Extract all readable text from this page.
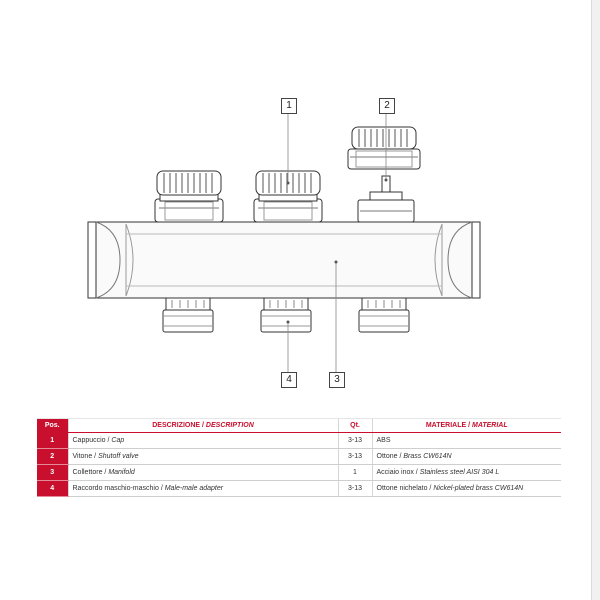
1	2
3
4
Pos.	DESCRIZIONE / DESCRIPTION	Qt.	MATERIALE / MATERIAL
1	Cappuccio / Cap	3-13	ABS
2	Vitone / Shutoff valve	3-13	Ottone / Brass CW614N
3	Collettore / Manifold	1	Acciaio inox / Stainless steel AISI 304 L
4	Raccordo maschio-maschio / Male-male adapter	3-13	Ottone nichelato / Nickel-plated brass CW614N
